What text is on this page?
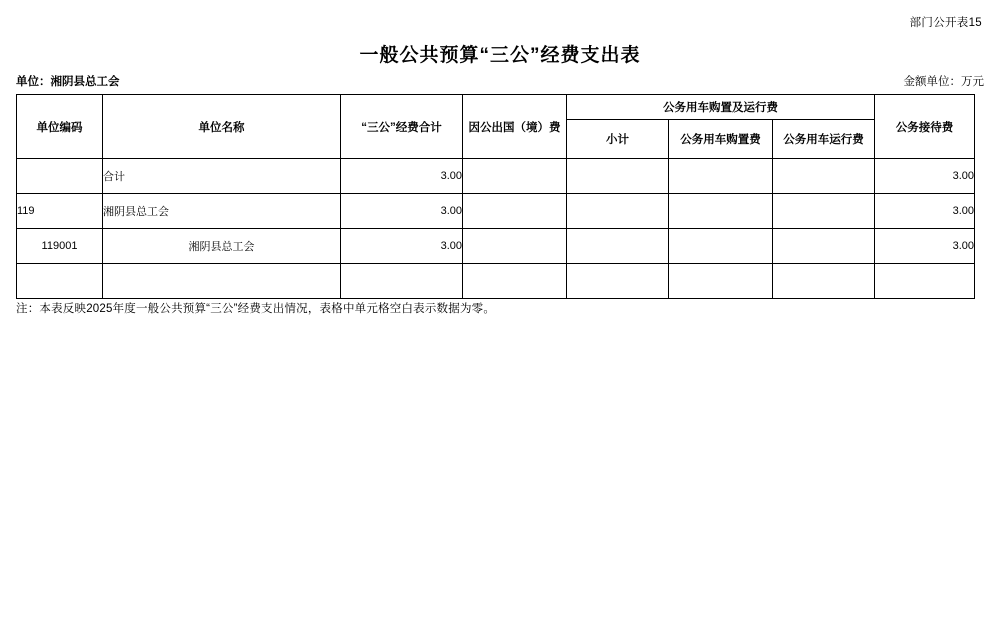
部门公开表15
一般公共预算“三公”经费支出表
单位：湘阴县总工会	金额单位：万元
单位编码	单位名称	“三公”经费合计	因公出国（境）费	公务用车购置及运行费			公务接待费
				小计	公务用车购置费	公务用车运行费	
	合计	3.00					3.00
119	湘阴县总工会	3.00					3.00
119001	湘阴县总工会	3.00					3.00

注：本表反映2025年度一般公共预算“三公”经费支出情况，表格中单元格空白表示数据为零。
